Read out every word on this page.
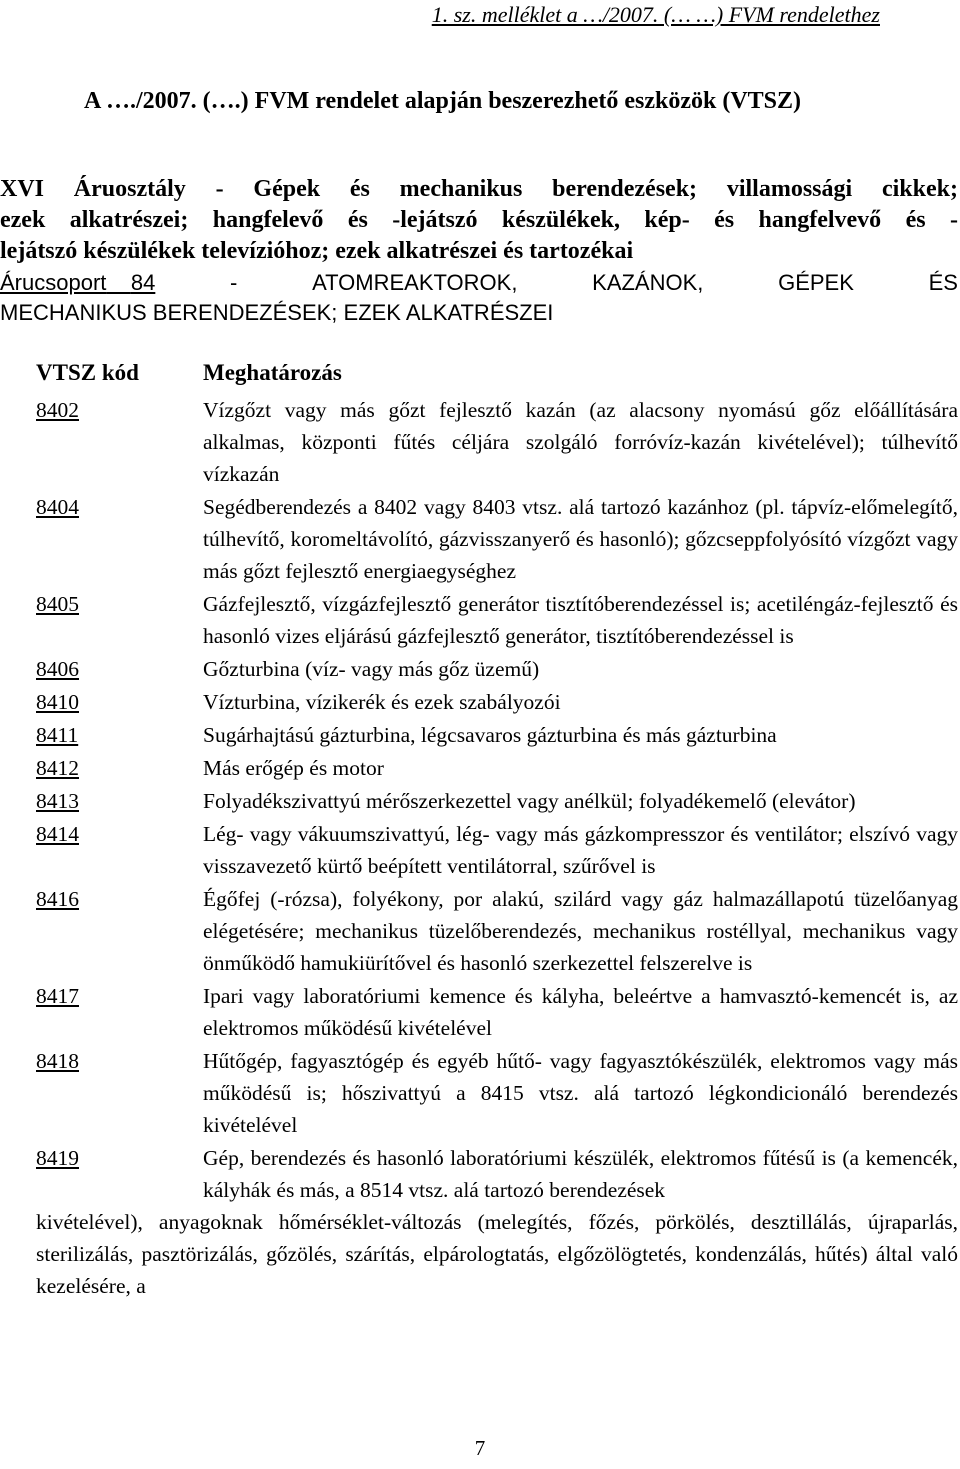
1. sz. melléklet a …/2007. (… …) FVM rendelethez
A …./2007. (….) FVM rendelet alapján beszerezhető eszközök (VTSZ)
XVI Áruosztály - Gépek és mechanikus berendezések; villamossági cikkek;
ezek alkatrészei; hangfelevő és -lejátszó készülékek, kép- és hangfelvevő és -
lejátszó készülékek televízióhoz; ezek alkatrészei és tartozékai
Árucsoport 84	-	ATOMREAKTOROK,	KAZÁNOK,	GÉPEK	ÉS
MECHANIKUS BERENDEZÉSEK; EZEK ALKATRÉSZEI
VTSZ kód	Meghatározás
8402	Vízgőzt vagy más gőzt fejlesztő kazán (az alacsony nyomású gőz előállítására alkalmas, központi fűtés céljára szolgáló forróvíz-kazán kivételével); túlhevítő vízkazán
8404	Segédberendezés a 8402 vagy 8403 vtsz. alá tartozó kazánhoz (pl. tápvíz-előmelegítő, túlhevítő, koromeltávolító, gázvisszanyerő és hasonló); gőzcseppfolyósító vízgőzt vagy más gőzt fejlesztő energiaegységhez
8405	Gázfejlesztő, vízgázfejlesztő generátor tisztítóberendezéssel is; acetiléngáz-fejlesztő és hasonló vizes eljárású gázfejlesztő generátor, tisztítóberendezéssel is
8406	Gőzturbina (víz- vagy más gőz üzemű)
8410	Vízturbina, vízikerék és ezek szabályozói
8411	Sugárhajtású gázturbina, légcsavaros gázturbina és más gázturbina
8412	Más erőgép és motor
8413	Folyadékszivattyú mérőszerkezettel vagy anélkül; folyadékemelő (elevátor)
8414	Lég- vagy vákuumszivattyú, lég- vagy más gázkompresszor és ventilátor; elszívó vagy visszavezető kürtő beépített ventilátorral, szűrővel is
8416	Égőfej (-rózsa), folyékony, por alakú, szilárd vagy gáz halmazállapotú tüzelőanyag elégetésére; mechanikus tüzelőberendezés, mechanikus rostéllyal, mechanikus vagy önműködő hamukiürítővel és hasonló szerkezettel felszerelve is
8417	Ipari vagy laboratóriumi kemence és kályha, beleértve a hamvasztó-kemencét is, az elektromos működésű kivételével
8418	Hűtőgép, fagyasztógép és egyéb hűtő- vagy fagyasztókészülék, elektromos vagy más működésű is; hőszivattyú a 8415 vtsz. alá tartozó légkondicionáló berendezés kivételével
8419	Gép, berendezés és hasonló laboratóriumi készülék, elektromos fűtésű is (a kemencék, kályhák és más, a 8514 vtsz. alá tartozó berendezések
kivételével), anyagoknak hőmérséklet-változás (melegítés, főzés, pörkölés, desztillálás, újraparlás, sterilizálás, pasztörizálás, gőzölés, szárítás, elpárologtatás, elgőzölögtetés, kondenzálás, hűtés) által való kezelésére, a
7
